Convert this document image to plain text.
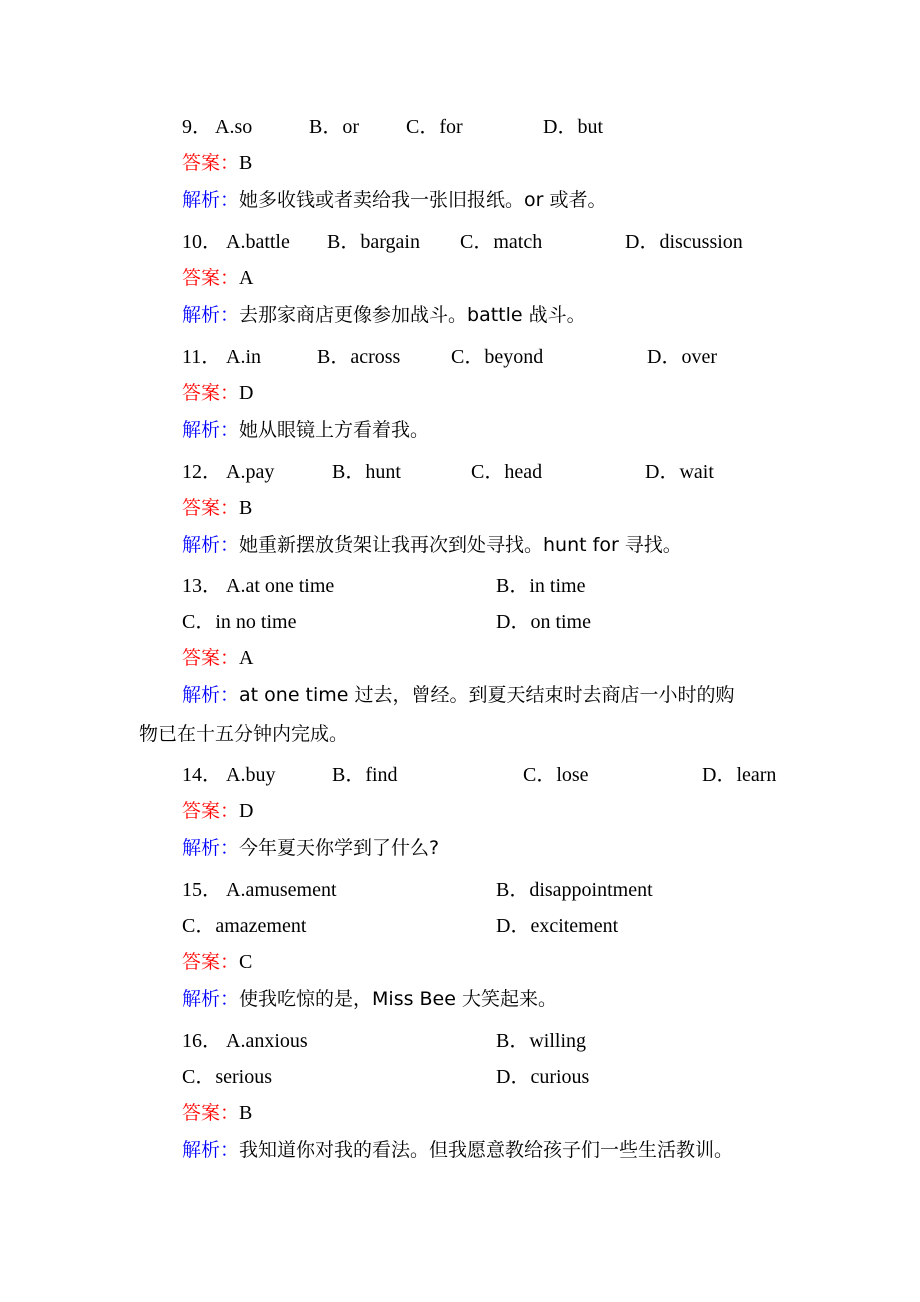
9． A.so	B．or C．for	D．but
答案：B
解析：她多收钱或者卖给我一张旧报纸。or 或者。
10． A.battle B．bargain C．match	D．discussion
答案：A
解析：去那家商店更像参加战斗。battle 战斗。
11． A.in	B．across	C．beyond	D．over
答案：D
解析：她从眼镜上方看着我。
12． A.pay	B．hunt	C．head	D．wait
答案：B
解析：她重新摆放货架让我再次到处寻找。hunt for 寻找。
13． A.at one time	B．in time
C．in no time	D．on time
答案：A
解析：at one time 过去，曾经。到夏天结束时去商店一小时的购
物已在十五分钟内完成。
14． A.buy	B．find	C．lose	D．learn
答案：D
解析：今年夏天你学到了什么?
15． A.amusement	B．disappointment
C．amazement	D．excitement
答案：C
解析：使我吃惊的是，Miss Bee 大笑起来。
16． A.anxious	B．willing
C．serious	D．curious
答案：B
解析：我知道你对我的看法。但我愿意教给孩子们一些生活教训。
